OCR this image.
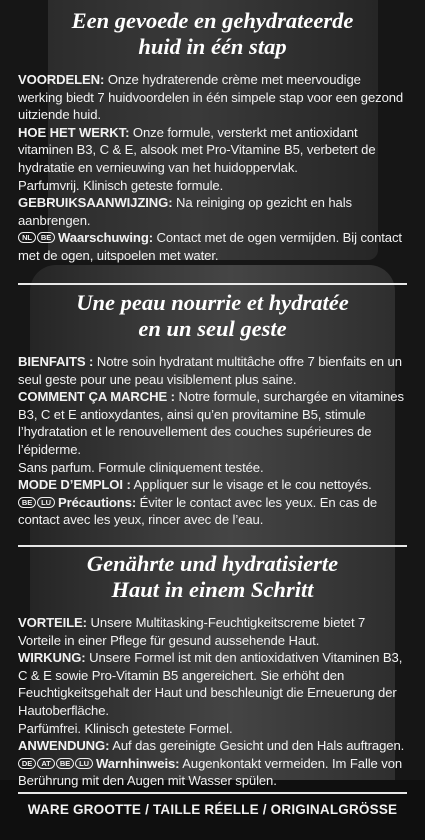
Een gevoede en gehydrateerde
huid in één stap

VOORDELEN: Onze hydraterende crème met meervoudige werking biedt 7 huidvoordelen in één simpele stap voor een gezond uitziende huid.

HOE HET WERKT: Onze formule, versterkt met antioxidant vitaminen B3, C & E, alsook met Pro-Vitamine B5, verbetert de hydratatie en vernieuwing van het huidoppervlak.

Parfumvrij. Klinisch geteste formule.

GEBRUIKSAANWIJZING: Na reiniging op gezicht en hals aanbrengen.

NL	BE Waarschuwing: Contact met de ogen vermijden. Bij contact met de ogen, uitspoelen met water.

Une peau nourrie et hydratée
en un seul geste

BIENFAITS : Notre soin hydratant multitâche offre 7 bienfaits en un seul geste pour une peau visiblement plus saine.

COMMENT ÇA MARCHE : Notre formule, surchargée en vitamines B3, C et E antioxydantes, ainsi qu’en provitamine B5, stimule l’hydratation et le renouvellement des couches supérieures de l’épiderme.

Sans parfum. Formule cliniquement testée.

MODE D’EMPLOI : Appliquer sur le visage et le cou nettoyés.

BE	LU Précautions: Éviter le contact avec les yeux. En cas de contact avec les yeux, rincer avec de l’eau.

Genährte und hydratisierte
Haut in einem Schritt

VORTEILE: Unsere Multitasking-Feuchtigkeitscreme bietet 7 Vorteile in einer Pflege für gesund aussehende Haut.

WIRKUNG: Unsere Formel ist mit den antioxidativen Vitaminen B3, C & E sowie Pro-Vitamin B5 angereichert. Sie erhöht den Feuchtigkeitsgehalt der Haut und beschleunigt die Erneuerung der Hautoberfläche.

Parfümfrei. Klinisch getestete Formel.

ANWENDUNG: Auf das gereinigte Gesicht und den Hals auftragen.

DE	AT	BE	LU Warnhinweis: Augenkontakt vermeiden. Im Falle von Berührung mit den Augen mit Wasser spülen.

WARE GROOTTE / TAILLE RÉELLE / ORIGINALGRÖSSE
